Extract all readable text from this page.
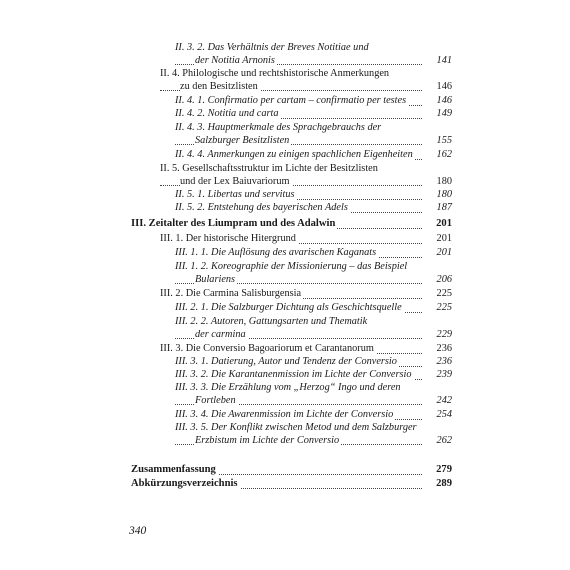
II. 3. 2. Das Verhältnis der Breves Notitiae und
der Notitia Arnonis	141
II. 4. Philologische und rechtshistorische Anmerkungen
zu den Besitzlisten	146
II. 4. 1. Confirmatio per cartam – confirmatio per testes	146
II. 4. 2. Notitia und carta	149
II. 4. 3. Hauptmerkmale des Sprachgebrauchs der
Salzburger Besitzlisten	155
II. 4. 4. Anmerkungen zu einigen spachlichen Eigenheiten	162
II. 5. Gesellschaftsstruktur im Lichte der Besitzlisten
und der Lex Baiuvariorum	180
II. 5. 1. Libertas und servitus	180
II. 5. 2. Entstehung des bayerischen Adels	187
III. Zeitalter des Liumpram und des Adalwin	201
III. 1. Der historische Hitergrund	201
III. 1. 1. Die Auflösung des avarischen Kaganats	201
III. 1. 2. Koreographie der Missionierung – das Beispiel
Bulariens	206
III. 2. Die Carmina Salisburgensia	225
III. 2. 1. Die Salzburger Dichtung als Geschichtsquelle	225
III. 2. 2. Autoren, Gattungsarten und Thematik
der carmina	229
III. 3. Die Conversio Bagoariorum et Carantanorum	236
III. 3. 1. Datierung, Autor und Tendenz der Conversio	236
III. 3. 2. Die Karantanenmission im Lichte der Conversio	239
III. 3. 3. Die Erzählung vom „Herzog“ Ingo und deren
Fortleben	242
III. 3. 4. Die Awarenmission im Lichte der Conversio	254
III. 3. 5. Der Konflikt zwischen Metod und dem Salzburger
Erzbistum im Lichte der Conversio	262
Zusammenfassung	279
Abkürzungsverzeichnis	289
340
